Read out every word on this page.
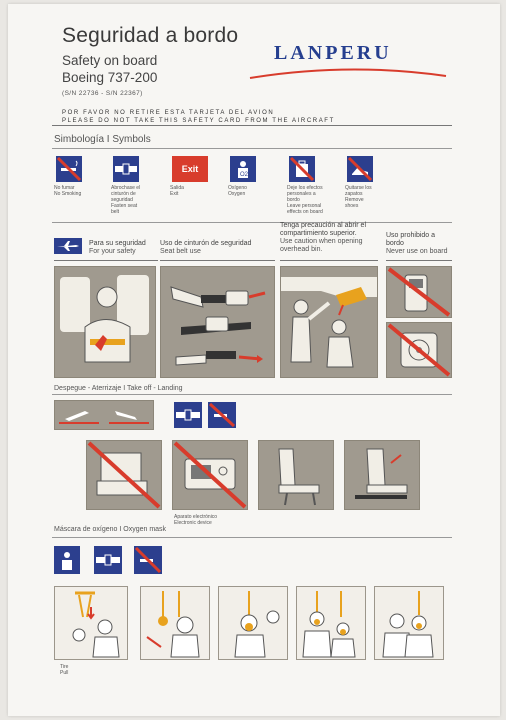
Seguridad a bordo
Safety on board
Boeing 737-200
(S/N 22736 - S/N 22367)
LANPERU
POR FAVOR NO RETIRE ESTA TARJETA DEL AVION
PLEASE DO NOT TAKE THIS SAFETY CARD FROM THE AIRCRAFT
Simbología I Symbols
No fumar
No Smoking
Abrochase el
cinturón de
seguridad
Fasten seat
belt
Exit
Salida
Exit
O2
Oxígeno
Oxygen
Deje los efectos
personales a
bordo
Leave personal
effects on board
Quitarse los
zapatos
Remove
shoes
Para su seguridad
For your safety
Uso de cinturón de seguridad
Seat belt use
Tenga precaución al abrir el compartimiento superior.
Use caution when opening overhead bin.
Uso prohibido a bordo
Never use on board
Despegue - Aterrizaje I Take off - Landing
Aparato electrónico
Electronic device
Máscara de oxígeno I Oxygen mask
Tire
Pull
